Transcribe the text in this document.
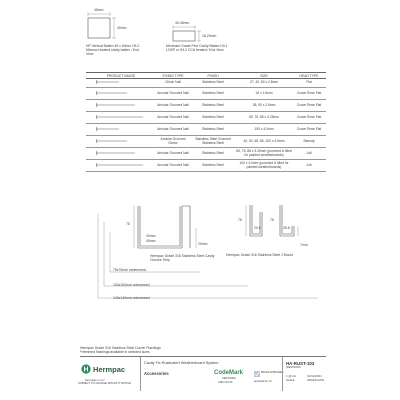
45mm
40mm
HP Vertical Batten 45 x 40mm H3.2 Microsol treated cavity batten / End View
40-45mm
18-20mm
Merchant Grade Pine Cavity Batten H3.1 LOSP or H3.2 CCA treated / End View
PRODUCT IMAGE	FIXING TYPE	FINISH	SIZE	HEAD TYPE
	Clinch Nail	Stainless Steel	27, 40, 50 x 2.8mm	Flat
	Annular Grooved Nail	Stainless Steel	16 x 1.6mm	Crown Rose Flat
	Annular Grooved Nail	Stainless Steel	35, 50 x 2.8mm	Crown Rose Flat
	Annular Grooved Nail	Stainless Steel	65, 75, 85 x 3.25mm	Crown Rose Flat
	Annular Grooved Nail	Stainless Steel	100 x 4.0mm	Crown Rose Flat
	Annular Grooved Screw	Stainless Steel Grooved Stainless Steel	40, 50, 65, 85, 100 x 4.5mm	Stamap
	Annular Grooved Nail	Stainless Steel	65, 75, 85 x 3.25mm (punched & filled for painted weatherboards)	Jolt
	Annular Grooved Nail	Stainless Steel	100 x 4.0mm (punched & filled for painted weatherboards)	Jolt
75
40mm
45mm
20mm
Hermpac Grade 316 Stainless Steel Cavity Closure Strip
75
20.8	28.6
75
7mm
Hermpac Grade 316 Stainless Steel J Mould
75x75mm unhemmed
100x100mm unhemmed
143x140mm unhemmed
Hermpac Grade 316 Stainless Steel Corner Flashings
*Hemmed flashings available in selected sizes
Hermpac
hermpac.co.nz
SUBJECT TO CHANGE WITHOUT NOTICE
Cavity Fix Rusticated Weatherboard System
Accessories	CodeMark
CERTIFIED
CMA-CM 30
BRANZ APPRAISED
Appraisal No. 10
HA-RUST-103
(REVISION)
1 @ A4
SCALE
01/11/2021
ISSUED DATE
